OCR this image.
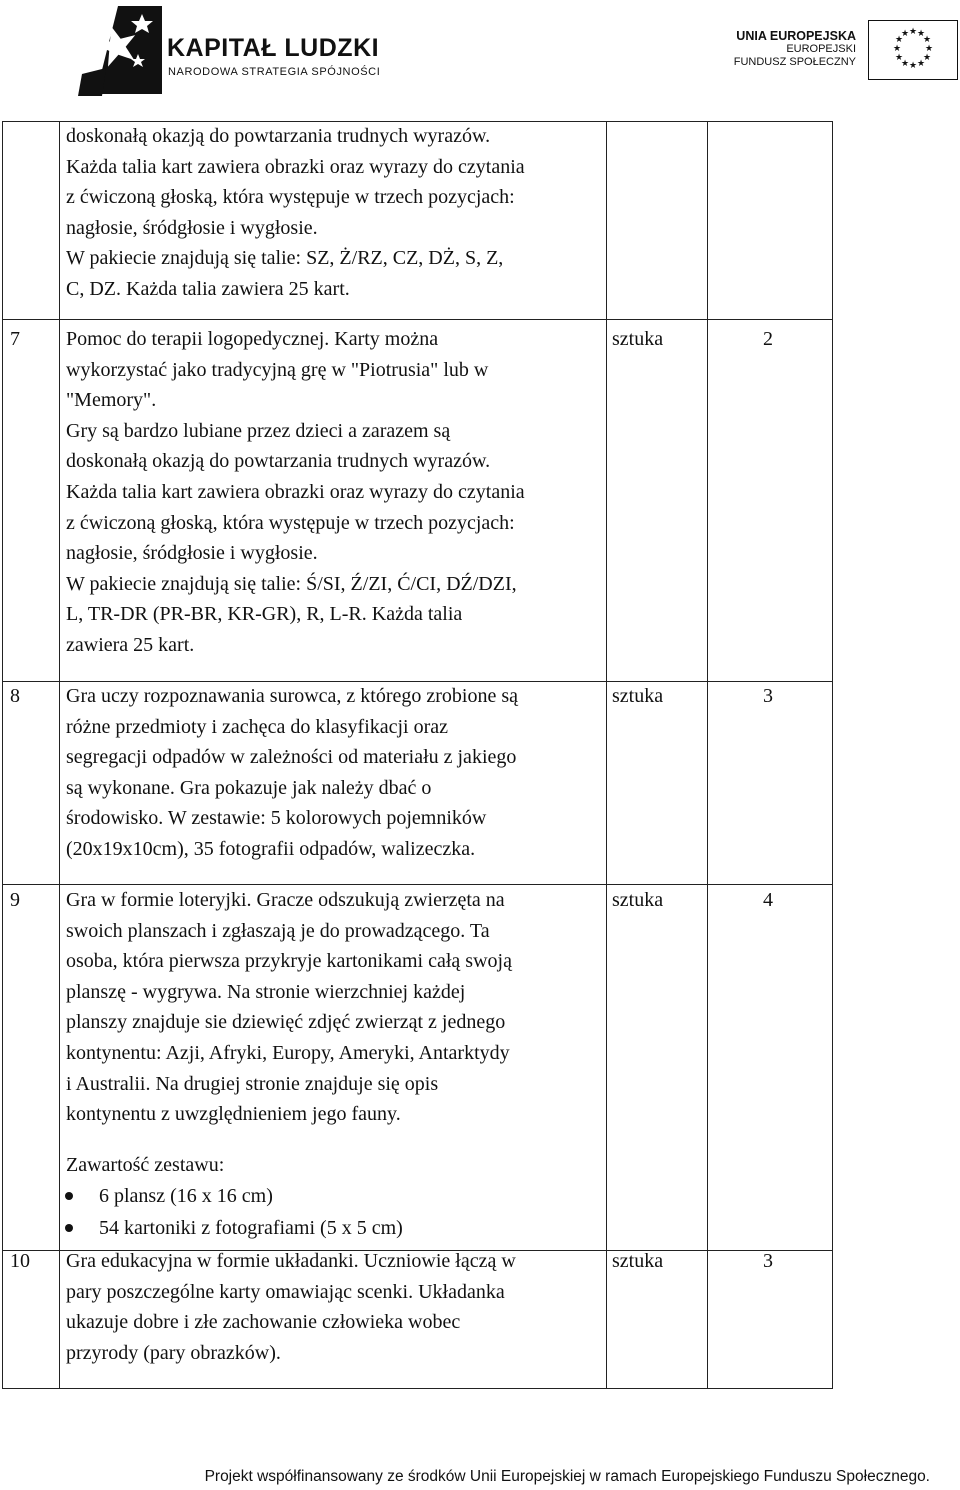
KAPITAŁ LUDZKI
NARODOWA STRATEGIA SPÓJNOŚCI
UNIA EUROPEJSKA
EUROPEJSKI
FUNDUSZ SPOŁECZNY
★ ★
★
★
★
★
★
★
★
★
★
★
doskonałą okazją do powtarzania trudnych wyrazów.
Każda talia kart zawiera obrazki oraz wyrazy do czytania
z ćwiczoną głoską, która występuje w trzech pozycjach:
nagłosie, śródgłosie i wygłosie.
W pakiecie znajdują się talie: SZ, Ż/RZ, CZ, DŻ, S, Z,
C, DZ. Każda talia zawiera 25 kart.
7 Pomoc do terapii logopedycznej. Karty można
wykorzystać jako tradycyjną grę w "Piotrusia" lub w
"Memory".
Gry są bardzo lubiane przez dzieci a zarazem są
doskonałą okazją do powtarzania trudnych wyrazów.
Każda talia kart zawiera obrazki oraz wyrazy do czytania
z ćwiczoną głoską, która występuje w trzech pozycjach:
nagłosie, śródgłosie i wygłosie.
W pakiecie znajdują się talie: Ś/SI, Ź/ZI, Ć/CI, DŹ/DZI,
L, TR-DR (PR-BR, KR-GR), R, L-R. Każda talia
zawiera 25 kart.
sztuka	2
8 Gra uczy rozpoznawania surowca, z którego zrobione są
różne przedmioty i zachęca do klasyfikacji oraz
segregacji odpadów w zależności od materiału z jakiego
są wykonane. Gra pokazuje jak należy dbać o
środowisko. W zestawie: 5 kolorowych pojemników
(20x19x10cm), 35 fotografii odpadów, walizeczka.
sztuka	3
9 Gra w formie loteryjki. Gracze odszukują zwierzęta na
swoich planszach i zgłaszają je do prowadzącego. Ta
osoba, która pierwsza przykryje kartonikami całą swoją
planszę - wygrywa. Na stronie wierzchniej każdej
planszy znajduje sie dziewięć zdjęć zwierząt z jednego
kontynentu: Azji, Afryki, Europy, Ameryki, Antarktydy
i Australii. Na drugiej stronie znajduje się opis
kontynentu z uwzględnieniem jego fauny.
Zawartość zestawu:
6 plansz (16 x 16 cm)
54 kartoniki z fotografiami (5 x 5 cm)
sztuka	4
10 Gra edukacyjna w formie układanki. Uczniowie łączą w
pary poszczególne karty omawiając scenki. Układanka
ukazuje dobre i złe zachowanie człowieka wobec
przyrody (pary obrazków).
sztuka	3
Projekt współfinansowany ze środków Unii Europejskiej w ramach Europejskiego Funduszu Społecznego.
